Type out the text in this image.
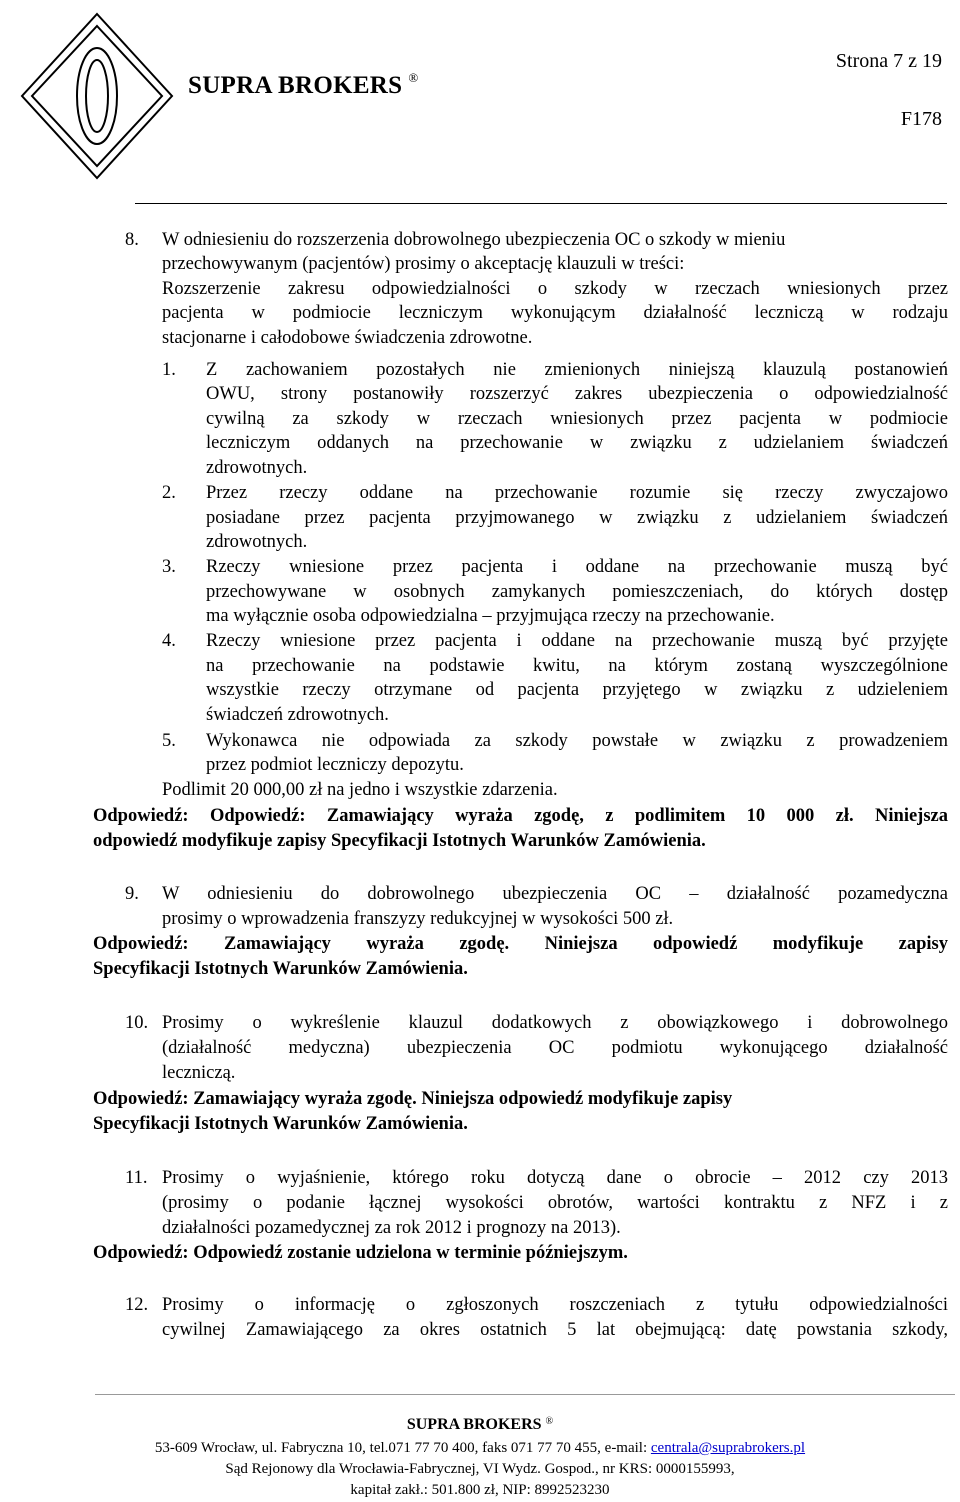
SUPRA BROKERS ®
Strona 7 z 19
F178
8. W odniesieniu do rozszerzenia dobrowolnego ubezpieczenia OC o szkody w mieniu
przechowywanym (pacjentów) prosimy o akceptację klauzuli w treści:
Rozszerzenie zakresu odpowiedzialności o szkody w rzeczach wniesionych przez
pacjenta w podmiocie leczniczym wykonującym działalność leczniczą w rodzaju
stacjonarne i całodobowe świadczenia zdrowotne.
1. Z zachowaniem pozostałych nie zmienionych niniejszą klauzulą postanowień
OWU, strony postanowiły rozszerzyć zakres ubezpieczenia o odpowiedzialność
cywilną za szkody w rzeczach wniesionych przez pacjenta w podmiocie
leczniczym oddanych na przechowanie w związku z udzielaniem świadczeń
zdrowotnych.
2. Przez rzeczy oddane na przechowanie rozumie się rzeczy zwyczajowo
posiadane przez pacjenta przyjmowanego w związku z udzielaniem świadczeń
zdrowotnych.
3. Rzeczy wniesione przez pacjenta i oddane na przechowanie muszą być
przechowywane w osobnych zamykanych pomieszczeniach, do których dostęp
ma wyłącznie osoba odpowiedzialna – przyjmująca rzeczy na przechowanie.
4. Rzeczy wniesione przez pacjenta i oddane na przechowanie muszą być przyjęte
na przechowanie na podstawie kwitu, na którym zostaną wyszczególnione
wszystkie rzeczy otrzymane od pacjenta przyjętego w związku z udzieleniem
świadczeń zdrowotnych.
5. Wykonawca nie odpowiada za szkody powstałe w związku z prowadzeniem
przez podmiot leczniczy depozytu.
Podlimit 20 000,00 zł na jedno i wszystkie zdarzenia.
Odpowiedź: Odpowiedź: Zamawiający wyraża zgodę, z podlimitem 10 000 zł. Niniejsza
odpowiedź modyfikuje zapisy Specyfikacji Istotnych Warunków Zamówienia.
9. W odniesieniu do dobrowolnego ubezpieczenia OC – działalność pozamedyczna
prosimy o wprowadzenia franszyzy redukcyjnej w wysokości 500 zł.
Odpowiedź: Zamawiający wyraża zgodę. Niniejsza odpowiedź modyfikuje zapisy
Specyfikacji Istotnych Warunków Zamówienia.
10. Prosimy o wykreślenie klauzul dodatkowych z obowiązkowego i dobrowolnego
(działalność medyczna) ubezpieczenia OC podmiotu wykonującego działalność
leczniczą.
Odpowiedź: Zamawiający wyraża zgodę. Niniejsza odpowiedź modyfikuje zapisy
Specyfikacji Istotnych Warunków Zamówienia.
11. Prosimy o wyjaśnienie, którego roku dotyczą dane o obrocie – 2012 czy 2013
(prosimy o podanie łącznej wysokości obrotów, wartości kontraktu z NFZ i z
działalności pozamedycznej za rok 2012 i prognozy na 2013).
Odpowiedź: Odpowiedź zostanie udzielona w terminie późniejszym.
12. Prosimy o informację o zgłoszonych roszczeniach z tytułu odpowiedzialności
cywilnej Zamawiającego za okres ostatnich 5 lat obejmującą: datę powstania szkody,
SUPRA BROKERS ®
53-609 Wrocław, ul. Fabryczna 10, tel.071 77 70 400, faks 071 77 70 455, e-mail: centrala@suprabrokers.pl
Sąd Rejonowy dla Wrocławia-Fabrycznej, VI Wydz. Gospod., nr KRS: 0000155993,
kapitał zakł.: 501.800 zł, NIP: 8992523230
